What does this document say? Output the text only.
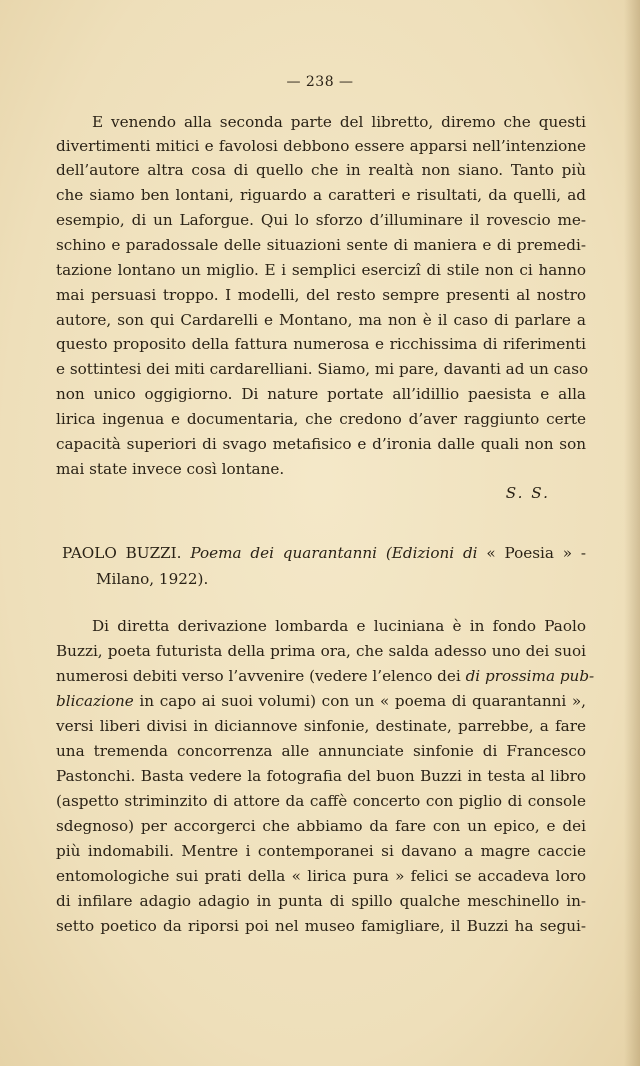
— 238 —
E venendo alla seconda parte del libretto, diremo che questi
divertimenti mitici e favolosi debbono essere apparsi nell’intenzione
dell’autore altra cosa di quello che in realtà non siano. Tanto più
che siamo ben lontani, riguardo a caratteri e risultati, da quelli, ad
esempio, di un Laforgue. Qui lo sforzo d’illuminare il rovescio me-
schino e paradossale delle situazioni sente di maniera e di premedi-
tazione lontano un miglio. E i semplici esercizî di stile non ci hanno
mai persuasi troppo. I modelli, del resto sempre presenti al nostro
autore, son qui Cardarelli e Montano, ma non è il caso di parlare a
questo proposito della fattura numerosa e ricchissima di riferimenti
e sottintesi dei miti cardarelliani. Siamo, mi pare, davanti ad un caso
non unico oggigiorno. Di nature portate all’idillio paesista e alla
lirica ingenua e documentaria, che credono d’aver raggiunto certe
capacità superiori di svago metafisico e d’ironia dalle quali non son
mai state invece così lontane.
S. S.
PAOLO BUZZI. Poema dei quarantanni (Edizioni di « Poesia » -
Milano, 1922).
Di diretta derivazione lombarda e luciniana è in fondo Paolo
Buzzi, poeta futurista della prima ora, che salda adesso uno dei suoi
numerosi debiti verso l’avvenire (vedere l’elenco dei di prossima pub-
blicazione in capo ai suoi volumi) con un « poema di quarantanni »,
versi liberi divisi in diciannove sinfonie, destinate, parrebbe, a fare
una tremenda concorrenza alle annunciate sinfonie di Francesco
Pastonchi. Basta vedere la fotografia del buon Buzzi in testa al libro
(aspetto striminzito di attore da caffè concerto con piglio di console
sdegnoso) per accorgerci che abbiamo da fare con un epico, e dei
più indomabili. Mentre i contemporanei si davano a magre caccie
entomologiche sui prati della « lirica pura » felici se accadeva loro
di infilare adagio adagio in punta di spillo qualche meschinello in-
setto poetico da riporsi poi nel museo famigliare, il Buzzi ha segui-
